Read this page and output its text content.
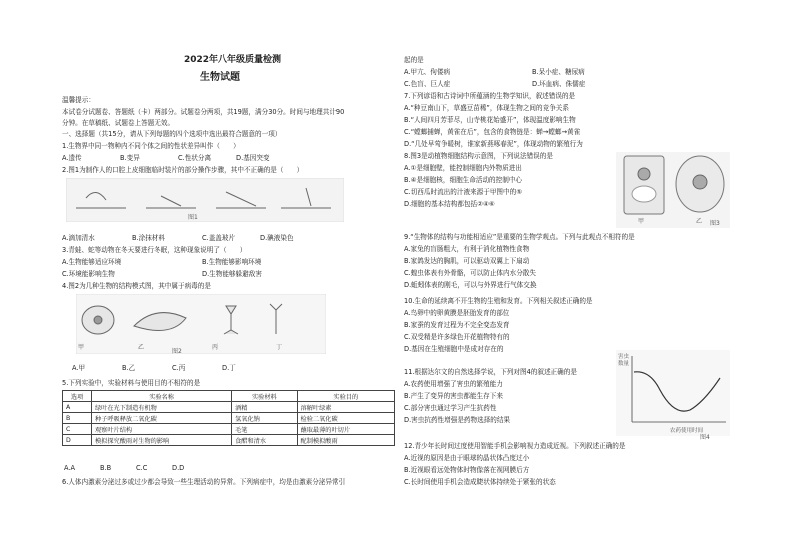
2022年八年级质量检测
生物试题
温馨提示：
本试卷分试题卷、答题纸（卡）两部分。试题卷分两项，共19题，满分30分。时间与地理共计90
分钟。在草稿纸、试题卷上答题无效。
一、选择题（共15分，请从下列每题的四个选项中选出最符合题意的一项）
1.生物界中同一物种内不同个体之间的性状差异叫作（　　）
A.遗传	B.变异	C.性状分离	D.基因突变
2.图1为制作人的口腔上皮细胞临时装片的部分操作步骤，其中不正确的是（　　）
图1
A.滴加清水	B.涂抹材料	C.盖盖玻片	D.碘液染色
3.青蛙、蛇等动物在冬天要进行冬眠，这种现象说明了（　　）
A.生物能够适应环境	B.生物能够影响环境
C.环境能影响生物	D.生物能够躲避敌害
4.图2为几种生物的结构模式图，其中属于病毒的是
甲	乙
图2
丙	丁
A.甲	B.乙	C.丙	D.丁
5.下列实验中，实验材料与使用目的不相符的是
选项	实验名称	实验材料	实验目的
A	绿叶在光下制造有机物	酒精	溶解叶绿素
B	种子呼吸释放二氧化碳	氢氧化钠	检验二氧化碳
C	观察叶片结构	毛笔	蘸取最薄的叶切片
D	模拟探究酸雨对生物的影响	食醋和清水	配制模拟酸雨
A.A	B.B	C.C	D.D
6.人体内激素分泌过多或过少都会导致一些生理活动的异常。下列病症中，均是由激素分泌异常引
起的是
A.甲亢、佝偻病	B.呆小症、糖尿病
C.色盲、巨人症	D.坏血病、侏儒症
7.下列谚语和古诗词中所蕴涵的生物学知识，叙述错误的是
A.“种豆南山下，草盛豆苗稀”，体现生物之间的竞争关系
B.“人间四月芳菲尽，山寺桃花始盛开”，体现温度影响生物
C.“螳螂捕蝉，黄雀在后”，包含的食物链是：蝉→螳螂→黄雀
D.“几处早莺争暖树，谁家新燕啄春泥”，体现动物的繁殖行为
8.图3是动植物细胞结构示意图，下列说法错误的是
A.①是细胞壁，能控制细胞内外物质进出
B.④是细胞核，细胞生命活动的控制中心
C.切西瓜时流出的汁液来源于甲图中的⑤
D.细胞的基本结构都包括②④⑥
甲	乙 图3
9.“生物体的结构与功能相适应”是重要的生物学观点。下列与此观点不相符的是
A.家兔的盲肠粗大，有利于消化植物性食物
B.家鸽发达的胸肌，可以驱动双翼上下扇动
C.蝗虫体表有外骨骼，可以防止体内水分散失
D.蚯蚓体表的刚毛，可以与外界进行气体交换
10.生命的延续离不开生物的生殖和发育。下列相关叙述正确的是
A.鸟卵中的卵黄膜是胚胎发育的部位
B.家蚕的发育过程为不完全变态发育
C.双受精是许多绿色开花植物特有的
D.基因在生殖细胞中是成对存在的
11.根据达尔文的自然选择学说，下列对图4的叙述正确的是
A.农药使用增强了害虫的繁殖能力
B.产生了变异的害虫都能生存下来
C.部分害虫通过学习产生抗药性
D.害虫抗药性增强是药物选择的结果
害虫数量
农药使用时间
图4
12.青少年长时间过度使用智能手机会影响视力造成近视。下列叙述正确的是
A.近视的原因是由于眼球的晶状体凸度过小
B.近视眼看远处物体时物像落在视网膜后方
C.长时间使用手机会造成睫状体持续处于紧张的状态
